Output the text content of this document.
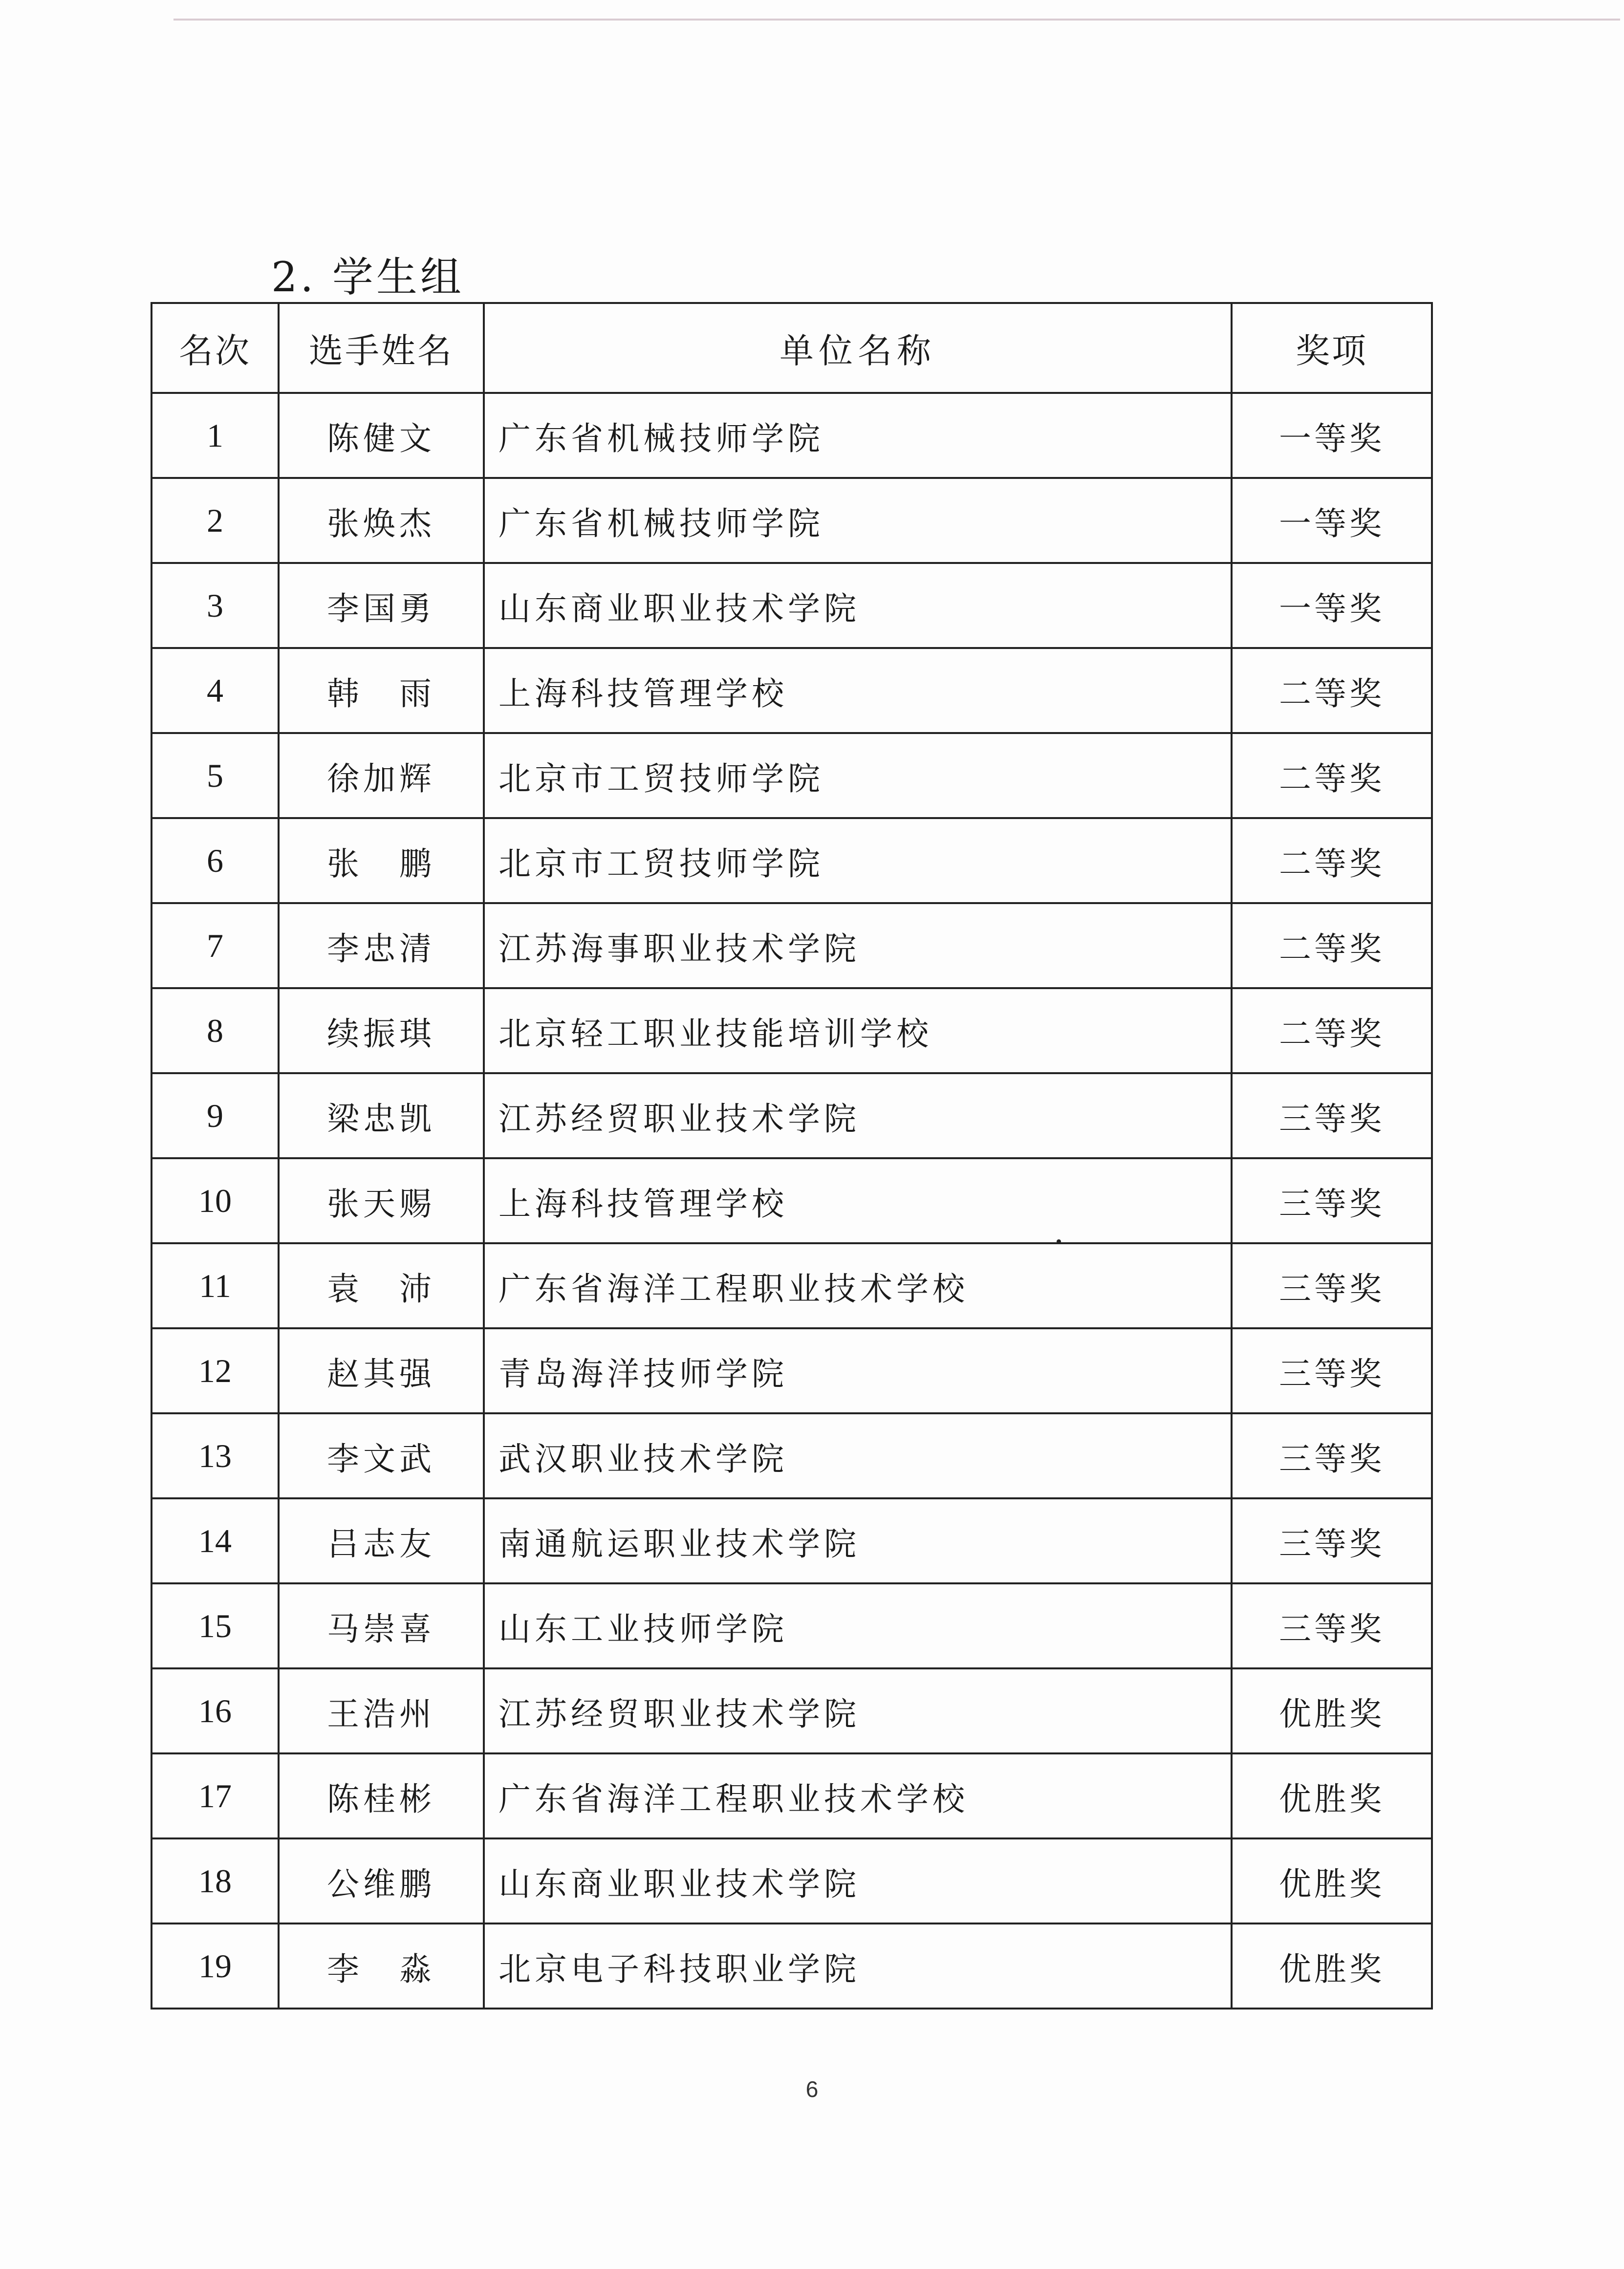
2. 学生组
名次	选手姓名	单位名称	奖项
1	陈健文	广东省机械技师学院	一等奖
2	张焕杰	广东省机械技师学院	一等奖
3	李国勇	山东商业职业技术学院	一等奖
4	韩　雨	上海科技管理学校	二等奖
5	徐加辉	北京市工贸技师学院	二等奖
6	张　鹏	北京市工贸技师学院	二等奖
7	李忠清	江苏海事职业技术学院	二等奖
8	续振琪	北京轻工职业技能培训学校	二等奖
9	梁忠凯	江苏经贸职业技术学院	三等奖
10	张天赐	上海科技管理学校	三等奖
11	袁　沛	广东省海洋工程职业技术学校	三等奖
12	赵其强	青岛海洋技师学院	三等奖
13	李文武	武汉职业技术学院	三等奖
14	吕志友	南通航运职业技术学院	三等奖
15	马崇喜	山东工业技师学院	三等奖
16	王浩州	江苏经贸职业技术学院	优胜奖
17	陈桂彬	广东省海洋工程职业技术学校	优胜奖
18	公维鹏	山东商业职业技术学院	优胜奖
19	李　淼	北京电子科技职业学院	优胜奖
6
